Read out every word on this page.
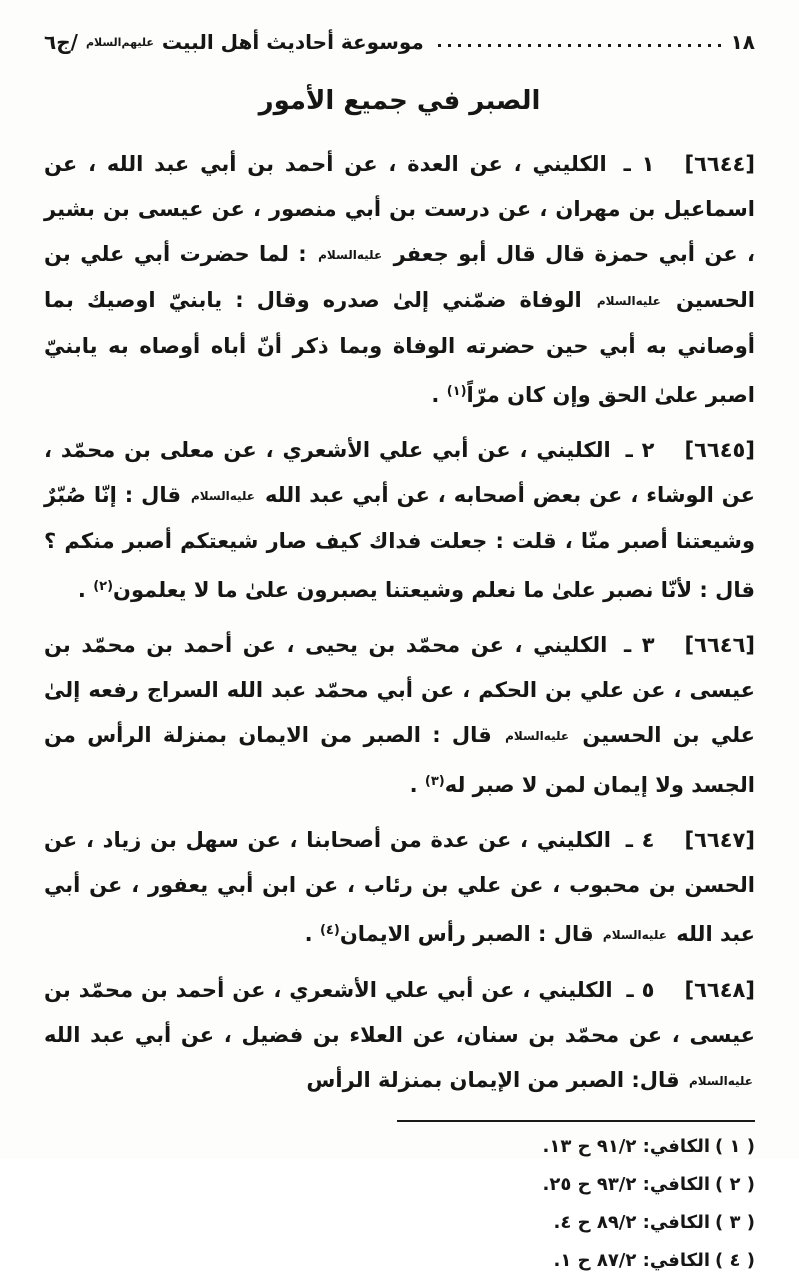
١٨
موسوعة أحاديث أهل البيت
عليهم‌السلام
/ج٦
الصبر في جميع الأمور

[٦٦٤٤]١ ـ الكليني ، عن العدة ، عن أحمد بن أبي عبد الله ، عن اسماعيل بن مهران ، عن درست بن أبي منصور ، عن عيسى بن بشير ، عن أبي حمزة قال قال أبو جعفر عليه‌السلام : لما حضرت أبي علي بن الحسين عليه‌السلام الوفاة ضمّني إلىٰ صدره وقال : يابنيّ اوصيك بما أوصاني به أبي حين حضرته الوفاة وبما ذكر أنّ أباه أوصاه به يابنيّ اصبر علىٰ الحق وإن كان مرّاً$^{(١)}$ .

[٦٦٤٥]٢ ـ الكليني ، عن أبي علي الأشعري ، عن معلى بن محمّد ، عن الوشاء ، عن بعض أصحابه ، عن أبي عبد الله عليه‌السلام قال : إنّا صُبّرٌ وشيعتنا أصبر منّا ، قلت : جعلت فداك كيف صار شيعتكم أصبر منكم ؟ قال : لأنّا نصبر علىٰ ما نعلم وشيعتنا يصبرون علىٰ ما لا يعلمون$^{(٢)}$ .

[٦٦٤٦]٣ ـ الكليني ، عن محمّد بن يحيى ، عن أحمد بن محمّد بن عيسى ، عن علي بن الحكم ، عن أبي محمّد عبد الله السراج رفعه إلىٰ علي بن الحسين عليه‌السلام قال : الصبر من الايمان بمنزلة الرأس من الجسد ولا إيمان لمن لا صبر له$^{(٣)}$ .

[٦٦٤٧]٤ ـ الكليني ، عن عدة من أصحابنا ، عن سهل بن زياد ، عن الحسن بن محبوب ، عن علي بن رئاب ، عن ابن أبي يعفور ، عن أبي عبد الله عليه‌السلام قال : الصبر رأس الايمان$^{(٤)}$ .

[٦٦٤٨]٥ ـ الكليني ، عن أبي علي الأشعري ، عن أحمد بن محمّد بن عيسى ، عن محمّد بن سنان، عن العلاء بن فضيل ، عن أبي عبد الله عليه‌السلام قال: الصبر من الإيمان بمنزلة الرأس

( ١ )الكافي: ٩١/٢ ح ١٣.
( ٢ )الكافي: ٩٣/٢ ح ٢٥.
( ٣ )الكافي: ٨٩/٢ ح ٤.
( ٤ )الكافي: ٨٧/٢ ح ١.
